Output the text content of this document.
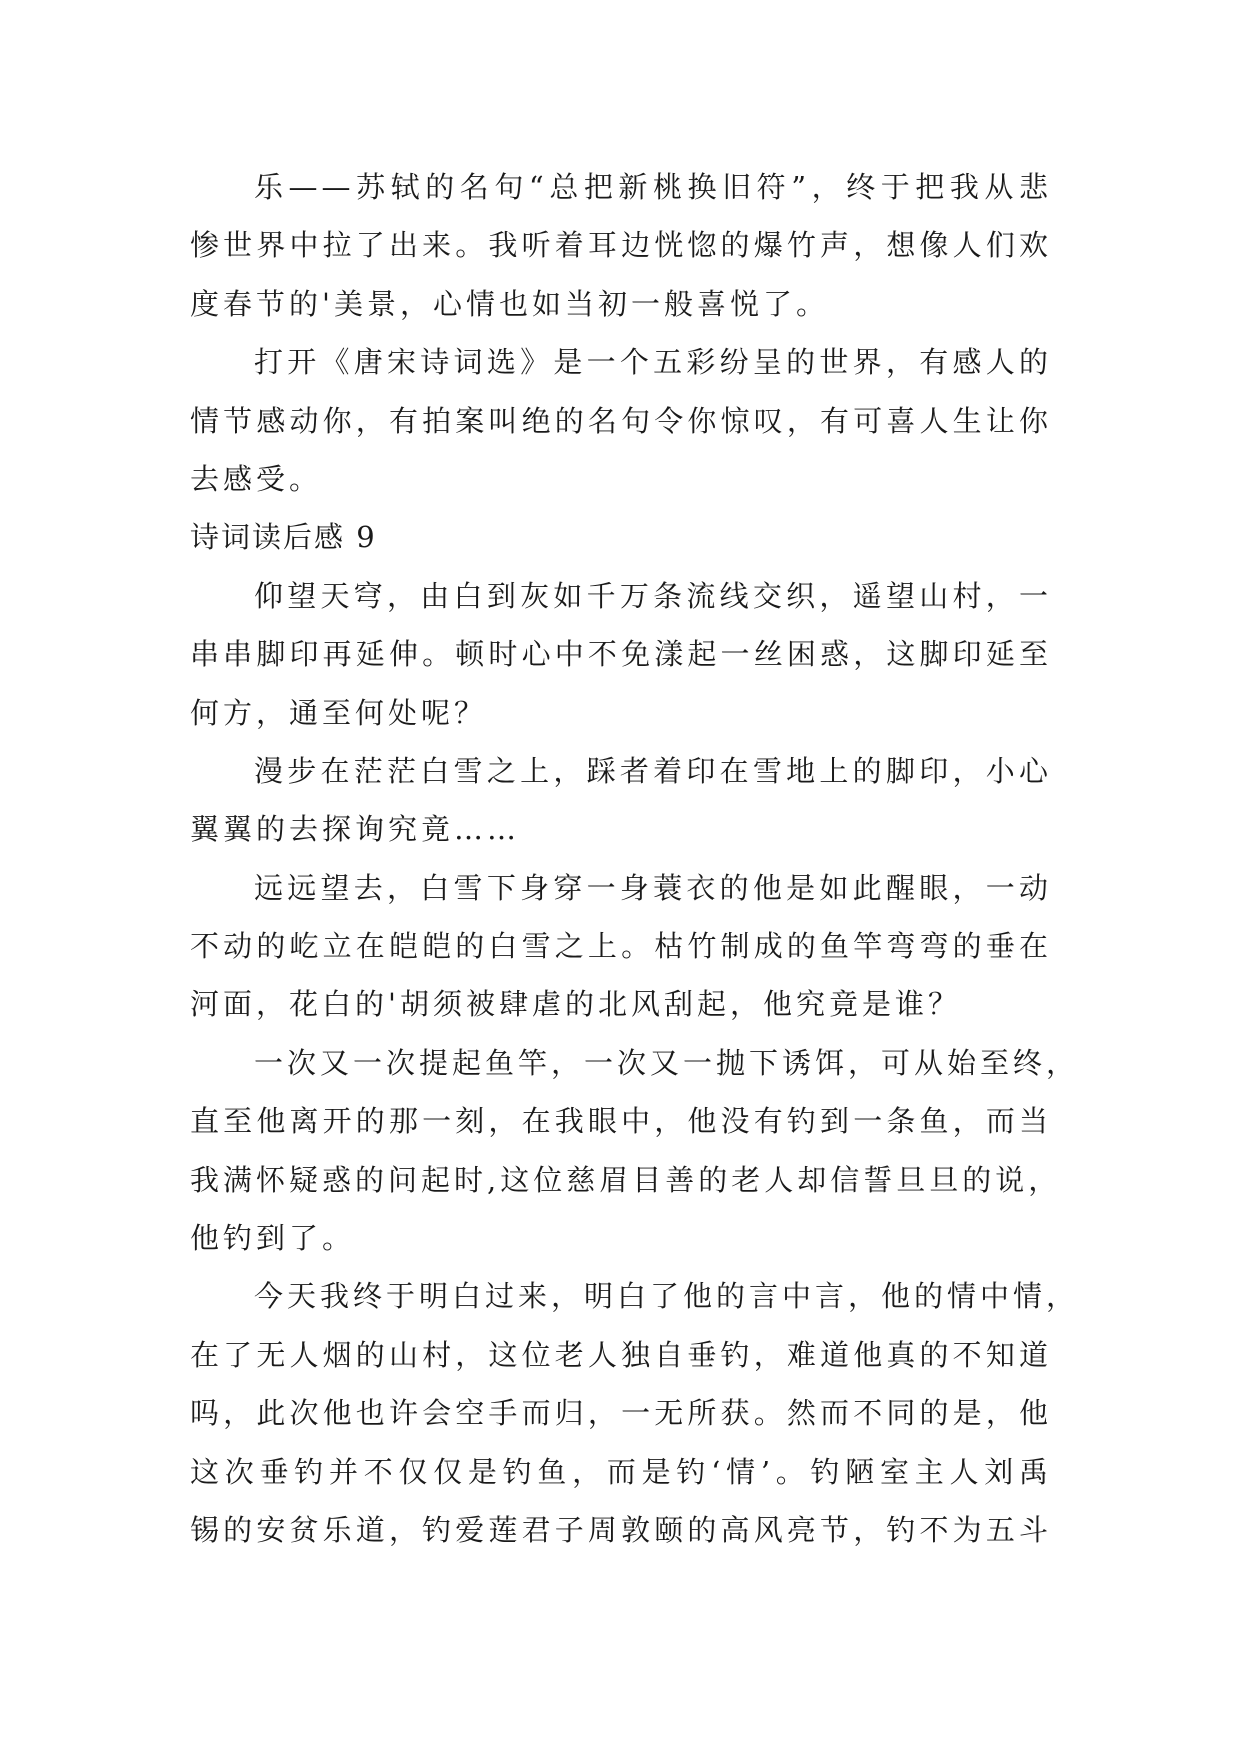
乐——苏轼的名句“总把新桃换旧符”，终于把我从悲
惨世界中拉了出来。我听着耳边恍惚的爆竹声，想像人们欢
度春节的'美景，心情也如当初一般喜悦了。
打开《唐宋诗词选》是一个五彩纷呈的世界，有感人的
情节感动你，有拍案叫绝的名句令你惊叹，有可喜人生让你
去感受。
诗词读后感 9
仰望天穹，由白到灰如千万条流线交织，遥望山村，一
串串脚印再延伸。顿时心中不免漾起一丝困惑，这脚印延至
何方，通至何处呢？
漫步在茫茫白雪之上，踩者着印在雪地上的脚印，小心
翼翼的去探询究竟……
远远望去，白雪下身穿一身蓑衣的他是如此醒眼，一动
不动的屹立在皑皑的白雪之上。枯竹制成的鱼竿弯弯的垂在
河面，花白的'胡须被肆虐的北风刮起，他究竟是谁？
一次又一次提起鱼竿，一次又一抛下诱饵，可从始至终，
直至他离开的那一刻，在我眼中，他没有钓到一条鱼，而当
我满怀疑惑的问起时,这位慈眉目善的老人却信誓旦旦的说，
他钓到了。
今天我终于明白过来，明白了他的言中言，他的情中情，
在了无人烟的山村，这位老人独自垂钓，难道他真的不知道
吗，此次他也许会空手而归，一无所获。然而不同的是，他
这次垂钓并不仅仅是钓鱼，而是钓‘情’。钓陋室主人刘禹
锡的安贫乐道，钓爱莲君子周敦颐的高风亮节，钓不为五斗
